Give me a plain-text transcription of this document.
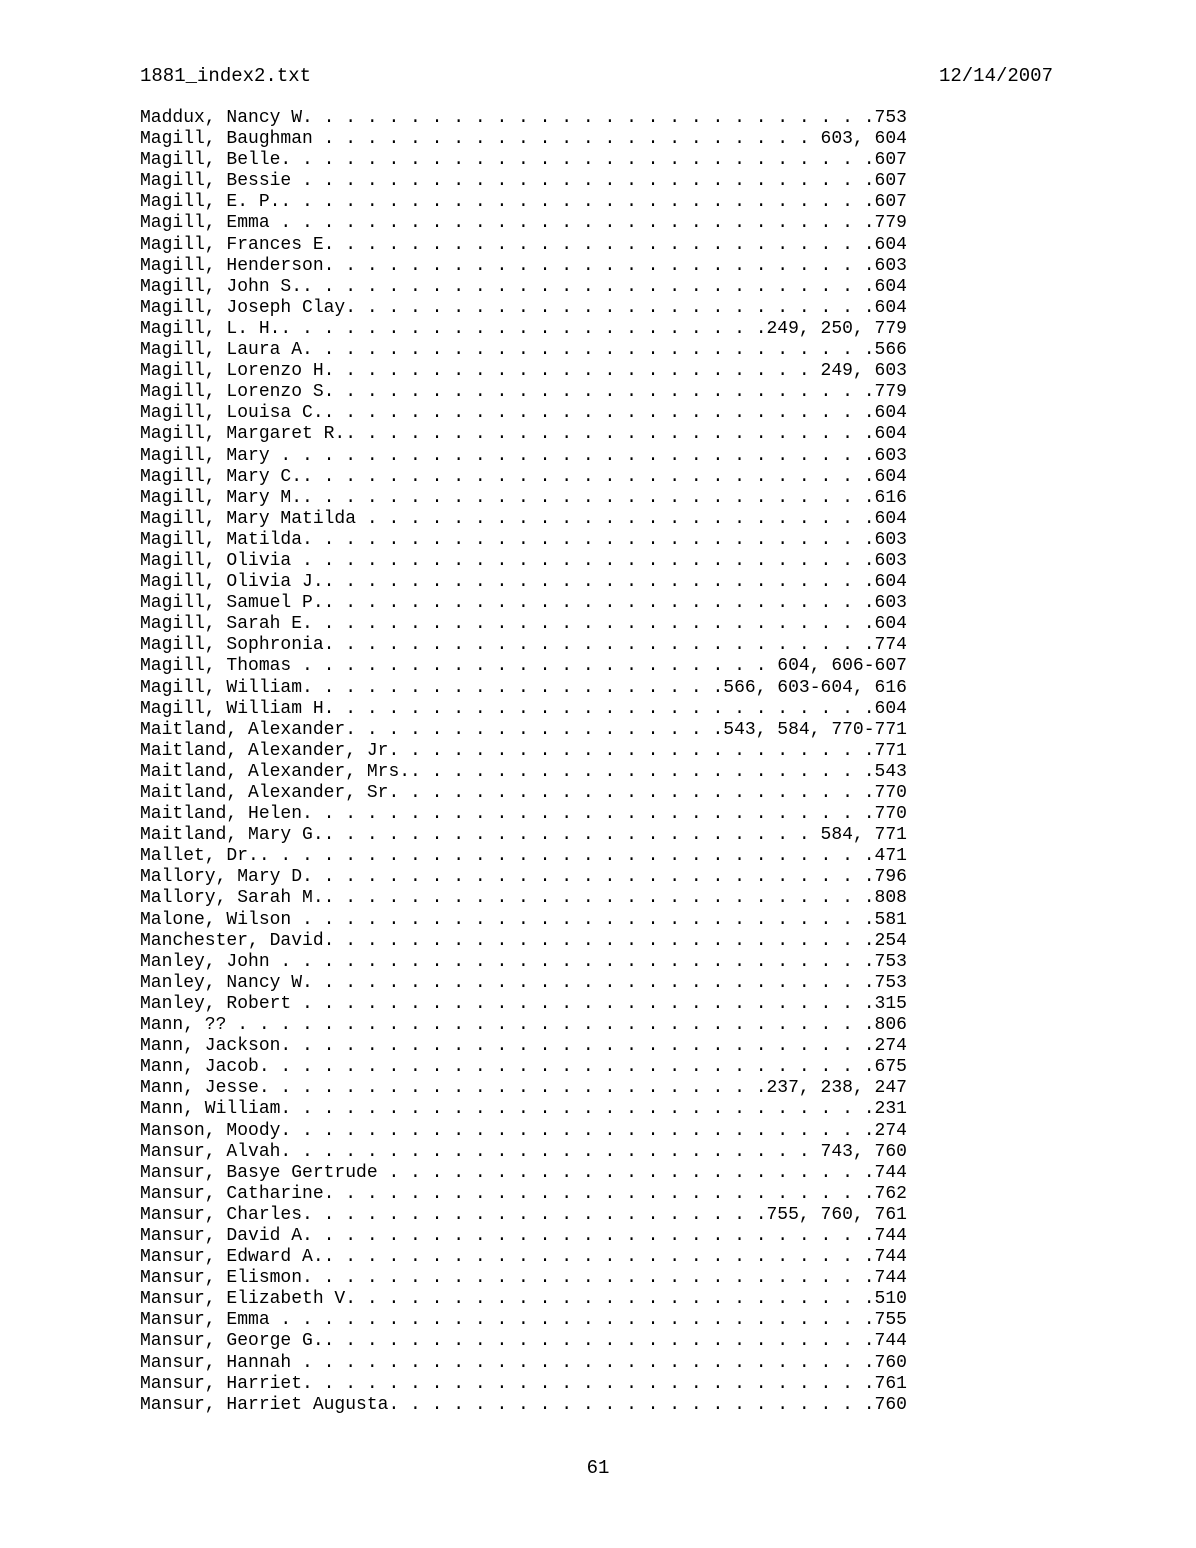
1881_index2.txt	12/14/2007
Maddux, Nancy W. . . . . . . . . . . . . . . . . . . . . . . . . . .753
Magill, Baughman . . . . . . . . . . . . . . . . . . . . . . . 603, 604
Magill, Belle. . . . . . . . . . . . . . . . . . . . . . . . . . . .607
Magill, Bessie . . . . . . . . . . . . . . . . . . . . . . . . . . .607
Magill, E. P.. . . . . . . . . . . . . . . . . . . . . . . . . . . .607
Magill, Emma . . . . . . . . . . . . . . . . . . . . . . . . . . . .779
Magill, Frances E. . . . . . . . . . . . . . . . . . . . . . . . . .604
Magill, Henderson. . . . . . . . . . . . . . . . . . . . . . . . . .603
Magill, John S.. . . . . . . . . . . . . . . . . . . . . . . . . . .604
Magill, Joseph Clay. . . . . . . . . . . . . . . . . . . . . . . . .604
Magill, L. H.. . . . . . . . . . . . . . . . . . . . . . .249, 250, 779
Magill, Laura A. . . . . . . . . . . . . . . . . . . . . . . . . . .566
Magill, Lorenzo H. . . . . . . . . . . . . . . . . . . . . . . 249, 603
Magill, Lorenzo S. . . . . . . . . . . . . . . . . . . . . . . . . .779
Magill, Louisa C.. . . . . . . . . . . . . . . . . . . . . . . . . .604
Magill, Margaret R.. . . . . . . . . . . . . . . . . . . . . . . . .604
Magill, Mary . . . . . . . . . . . . . . . . . . . . . . . . . . . .603
Magill, Mary C.. . . . . . . . . . . . . . . . . . . . . . . . . . .604
Magill, Mary M.. . . . . . . . . . . . . . . . . . . . . . . . . . .616
Magill, Mary Matilda . . . . . . . . . . . . . . . . . . . . . . . .604
Magill, Matilda. . . . . . . . . . . . . . . . . . . . . . . . . . .603
Magill, Olivia . . . . . . . . . . . . . . . . . . . . . . . . . . .603
Magill, Olivia J.. . . . . . . . . . . . . . . . . . . . . . . . . .604
Magill, Samuel P.. . . . . . . . . . . . . . . . . . . . . . . . . .603
Magill, Sarah E. . . . . . . . . . . . . . . . . . . . . . . . . . .604
Magill, Sophronia. . . . . . . . . . . . . . . . . . . . . . . . . .774
Magill, Thomas . . . . . . . . . . . . . . . . . . . . . . 604, 606-607
Magill, William. . . . . . . . . . . . . . . . . . . .566, 603-604, 616
Magill, William H. . . . . . . . . . . . . . . . . . . . . . . . . .604
Maitland, Alexander. . . . . . . . . . . . . . . . . .543, 584, 770-771
Maitland, Alexander, Jr. . . . . . . . . . . . . . . . . . . . . . .771
Maitland, Alexander, Mrs.. . . . . . . . . . . . . . . . . . . . . .543
Maitland, Alexander, Sr. . . . . . . . . . . . . . . . . . . . . . .770
Maitland, Helen. . . . . . . . . . . . . . . . . . . . . . . . . . .770
Maitland, Mary G.. . . . . . . . . . . . . . . . . . . . . . . 584, 771
Mallet, Dr.. . . . . . . . . . . . . . . . . . . . . . . . . . . . .471
Mallory, Mary D. . . . . . . . . . . . . . . . . . . . . . . . . . .796
Mallory, Sarah M.. . . . . . . . . . . . . . . . . . . . . . . . . .808
Malone, Wilson . . . . . . . . . . . . . . . . . . . . . . . . . . .581
Manchester, David. . . . . . . . . . . . . . . . . . . . . . . . . .254
Manley, John . . . . . . . . . . . . . . . . . . . . . . . . . . . .753
Manley, Nancy W. . . . . . . . . . . . . . . . . . . . . . . . . . .753
Manley, Robert . . . . . . . . . . . . . . . . . . . . . . . . . . .315
Mann, ?? . . . . . . . . . . . . . . . . . . . . . . . . . . . . . .806
Mann, Jackson. . . . . . . . . . . . . . . . . . . . . . . . . . . .274
Mann, Jacob. . . . . . . . . . . . . . . . . . . . . . . . . . . . .675
Mann, Jesse. . . . . . . . . . . . . . . . . . . . . . . .237, 238, 247
Mann, William. . . . . . . . . . . . . . . . . . . . . . . . . . . .231
Manson, Moody. . . . . . . . . . . . . . . . . . . . . . . . . . . .274
Mansur, Alvah. . . . . . . . . . . . . . . . . . . . . . . . . 743, 760
Mansur, Basye Gertrude . . . . . . . . . . . . . . . . . . . . . . .744
Mansur, Catharine. . . . . . . . . . . . . . . . . . . . . . . . . .762
Mansur, Charles. . . . . . . . . . . . . . . . . . . . . .755, 760, 761
Mansur, David A. . . . . . . . . . . . . . . . . . . . . . . . . . .744
Mansur, Edward A.. . . . . . . . . . . . . . . . . . . . . . . . . .744
Mansur, Elismon. . . . . . . . . . . . . . . . . . . . . . . . . . .744
Mansur, Elizabeth V. . . . . . . . . . . . . . . . . . . . . . . . .510
Mansur, Emma . . . . . . . . . . . . . . . . . . . . . . . . . . . .755
Mansur, George G.. . . . . . . . . . . . . . . . . . . . . . . . . .744
Mansur, Hannah . . . . . . . . . . . . . . . . . . . . . . . . . . .760
Mansur, Harriet. . . . . . . . . . . . . . . . . . . . . . . . . . .761
Mansur, Harriet Augusta. . . . . . . . . . . . . . . . . . . . . . .760
61
